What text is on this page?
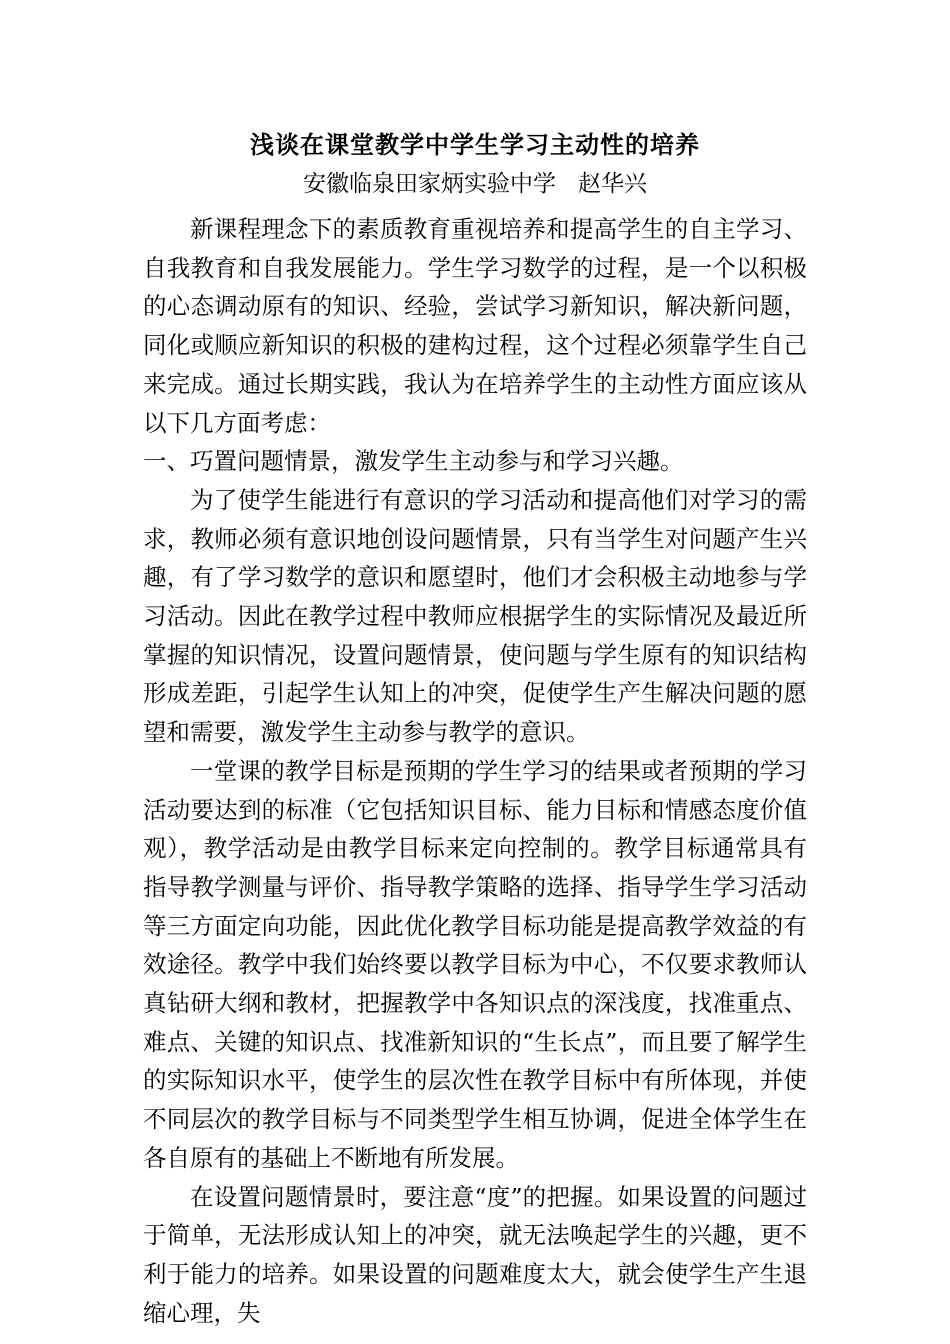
浅谈在课堂教学中学生学习主动性的培养

安徽临泉田家炳实验中学 赵华兴

新课程理念下的素质教育重视培养和提高学生的自主学习、自我教育和自我发展能力。学生学习数学的过程，是一个以积极的心态调动原有的知识、经验，尝试学习新知识，解决新问题，同化或顺应新知识的积极的建构过程，这个过程必须靠学生自己来完成。通过长期实践，我认为在培养学生的主动性方面应该从以下几方面考虑：

一、巧置问题情景，激发学生主动参与和学习兴趣。

为了使学生能进行有意识的学习活动和提高他们对学习的需求，教师必须有意识地创设问题情景，只有当学生对问题产生兴趣，有了学习数学的意识和愿望时，他们才会积极主动地参与学习活动。因此在教学过程中教师应根据学生的实际情况及最近所掌握的知识情况，设置问题情景，使问题与学生原有的知识结构形成差距，引起学生认知上的冲突，促使学生产生解决问题的愿望和需要，激发学生主动参与教学的意识。

一堂课的教学目标是预期的学生学习的结果或者预期的学习活动要达到的标准（它包括知识目标、能力目标和情感态度价值观），教学活动是由教学目标来定向控制的。教学目标通常具有指导教学测量与评价、指导教学策略的选择、指导学生学习活动等三方面定向功能，因此优化教学目标功能是提高教学效益的有效途径。教学中我们始终要以教学目标为中心，不仅要求教师认真钻研大纲和教材，把握教学中各知识点的深浅度，找准重点、难点、关键的知识点、找准新知识的“生长点”，而且要了解学生的实际知识水平，使学生的层次性在教学目标中有所体现，并使不同层次的教学目标与不同类型学生相互协调，促进全体学生在各自原有的基础上不断地有所发展。

在设置问题情景时，要注意“度”的把握。如果设置的问题过于简单，无法形成认知上的冲突，就无法唤起学生的兴趣，更不利于能力的培养。如果设置的问题难度太大，就会使学生产生退缩心理，失
